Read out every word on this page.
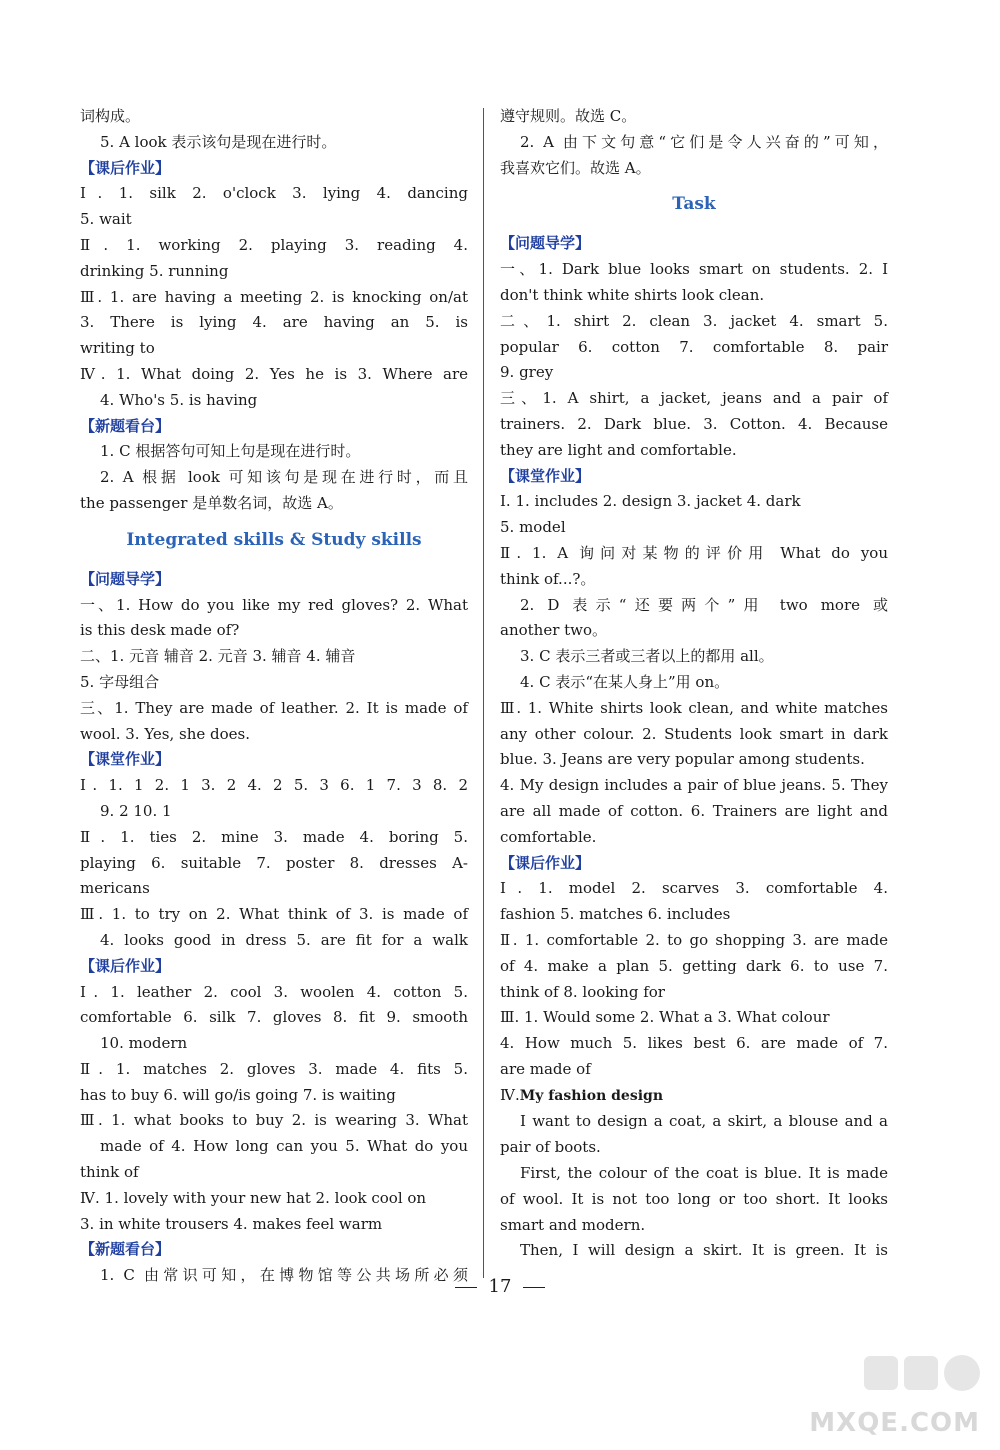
词构成。
5. A look 表示该句是现在进行时。
【课后作业】
Ⅰ. 1. silk 2. o'clock 3. lying 4. dancing
5. wait
Ⅱ. 1. working 2. playing 3. reading 4.
drinking 5. running
Ⅲ. 1. are having a meeting 2. is knocking on/at
3. There is lying 4. are having an 5. is
writing to
Ⅳ. 1. What doing 2. Yes he is 3. Where are
4. Who's 5. is having
【新题看台】
1. C 根据答句可知上句是现在进行时。
2. A 根据 look 可知该句是现在进行时，而且
the passenger 是单数名词，故选 A。
Integrated skills & Study skills
【问题导学】
一、1. How do you like my red gloves? 2. What
is this desk made of?
二、1. 元音 辅音 2. 元音 3. 辅音 4. 辅音
5. 字母组合
三、1. They are made of leather. 2. It is made of
wool. 3. Yes, she does.
【课堂作业】
Ⅰ. 1. 1 2. 1 3. 2 4. 2 5. 3 6. 1 7. 3 8. 2
9. 2 10. 1
Ⅱ. 1. ties 2. mine 3. made 4. boring 5.
playing 6. suitable 7. poster 8. dresses A-
mericans
Ⅲ. 1. to try on 2. What think of 3. is made of
4. looks good in dress 5. are fit for a walk
【课后作业】
Ⅰ. 1. leather 2. cool 3. woolen 4. cotton 5.
comfortable 6. silk 7. gloves 8. fit 9. smooth
10. modern
Ⅱ. 1. matches 2. gloves 3. made 4. fits 5.
has to buy 6. will go/is going 7. is waiting
Ⅲ. 1. what books to buy 2. is wearing 3. What
made of 4. How long can you 5. What do you
think of
Ⅳ. 1. lovely with your new hat 2. look cool on
3. in white trousers 4. makes feel warm
【新题看台】
1. C 由常识可知，在博物馆等公共场所必须
遵守规则。故选 C。
2. A 由下文句意“它们是令人兴奋的”可知，
我喜欢它们。故选 A。
Task
【问题导学】
一、1. Dark blue looks smart on students. 2. I
don't think white shirts look clean.
二、1. shirt 2. clean 3. jacket 4. smart 5.
popular 6. cotton 7. comfortable 8. pair
9. grey
三、1. A shirt, a jacket, jeans and a pair of
trainers. 2. Dark blue. 3. Cotton. 4. Because
they are light and comfortable.
【课堂作业】
Ⅰ. 1. includes 2. design 3. jacket 4. dark
5. model
Ⅱ. 1. A 询问对某物的评价用 What do you
think of...?。
2. D 表示“还要两个”用 two more 或
another two。
3. C 表示三者或三者以上的都用 all。
4. C 表示“在某人身上”用 on。
Ⅲ. 1. White shirts look clean, and white matches
any other colour. 2. Students look smart in dark
blue. 3. Jeans are very popular among students.
4. My design includes a pair of blue jeans. 5. They
are all made of cotton. 6. Trainers are light and
comfortable.
【课后作业】
Ⅰ. 1. model 2. scarves 3. comfortable 4.
fashion 5. matches 6. includes
Ⅱ. 1. comfortable 2. to go shopping 3. are made
of 4. make a plan 5. getting dark 6. to use 7.
think of 8. looking for
Ⅲ. 1. Would some 2. What a 3. What colour
4. How much 5. likes best 6. are made of 7.
are made of
Ⅳ.My fashion design
I want to design a coat, a skirt, a blouse and a
pair of boots.
First, the colour of the coat is blue. It is made
of wool. It is not too long or too short. It looks
smart and modern.
Then, I will design a skirt. It is green. It is
17
MXQE.COM
